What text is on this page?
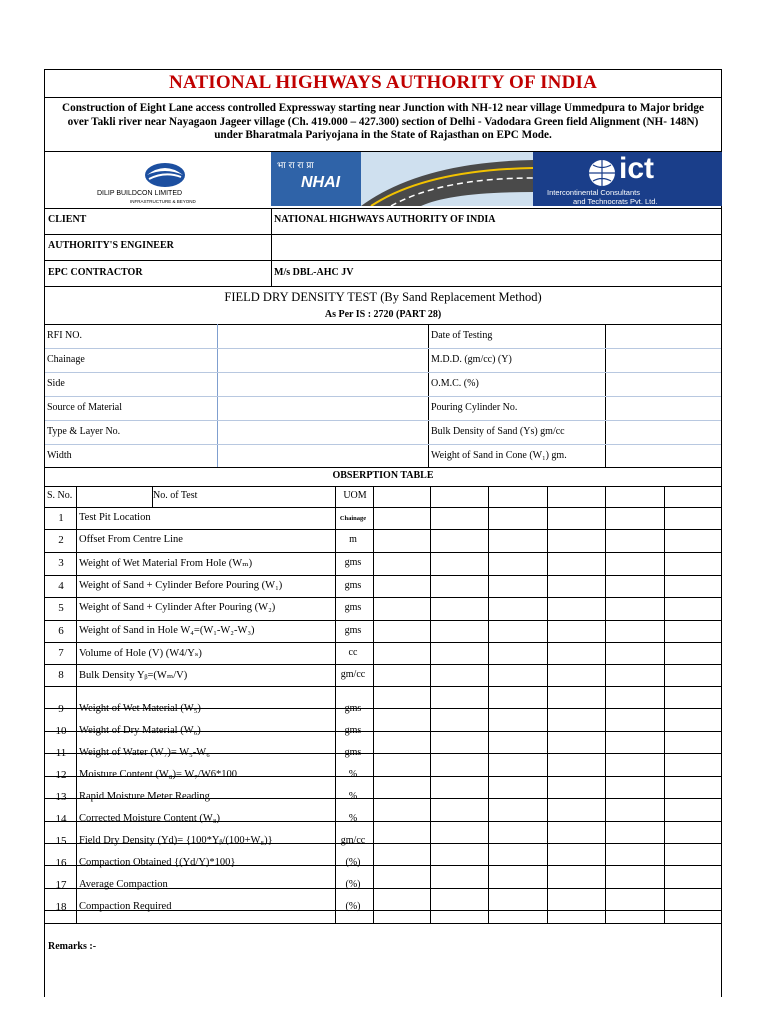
NATIONAL HIGHWAYS AUTHORITY OF INDIA
Construction of Eight Lane access controlled Expressway starting near Junction with NH-12 near village Ummedpura to Major bridge over Takli river near Nayagaon Jageer village (Ch. 419.000 – 427.300) section of Delhi - Vadodara Green field Alignment (NH- 148N) under Bharatmala Pariyojana in the State of Rajasthan on EPC Mode.
DILIP BUILDCON LIMITED
INFRASTRUCTURE & BEYOND
भा रा रा प्रा
NHAI	ict
Intercontinental Consultants
and Technocrats Pvt. Ltd.
CLIENT	NATIONAL HIGHWAYS AUTHORITY OF INDIA
AUTHORITY'S ENGINEER
EPC CONTRACTOR	M/s DBL-AHC JV
FIELD DRY DENSITY TEST (By Sand Replacement Method)
As Per IS : 2720 (PART 28)
OBSERPTION TABLE
Remarks :-
RFI NO.	Date of Testing
Chainage	M.D.D. (gm/cc) (Y)
Side	O.M.C. (%)
Source of Material	Pouring Cylinder No.
Type & Layer No.	Bulk Density of Sand (Ys) gm/cc
Width	Weight of Sand in Cone (W₁) gm.
S. No.	No. of Test	UOM
1	Test Pit Location	Chainage
2	Offset From Centre Line	m
3	Weight of Wet Material From Hole (Wₘ)	gms
4	Weight of Sand + Cylinder Before Pouring (W₁)	gms
5	Weight of Sand + Cylinder After Pouring (W₂)	gms
6	Weight of Sand in Hole W₄=(W₁-W₂-W₃)	gms
7	Volume of Hole (V) (W4/Yₛ)	cc
8	Bulk Density Yᵦ=(Wₘ/V)	gm/cc
9	Weight of Wet Material (W₅)	gms
10	Weight of Dry Material (W₆)	gms
11	Weight of Water (W₇)= W₅-W₆	gms
12	Moisture Content (W₈)= W₇/W6*100	%
13	Rapid Moisture Meter Reading	%
14	Corrected Moisture Content (W₈)	%
15	Field Dry Density (Yd)= {100*Yᵦ/(100+W₈)}	gm/cc
16	Compaction Obtained {(Yd/Y)*100}	(%)
17	Average Compaction	(%)
18	Compaction Required	(%)
